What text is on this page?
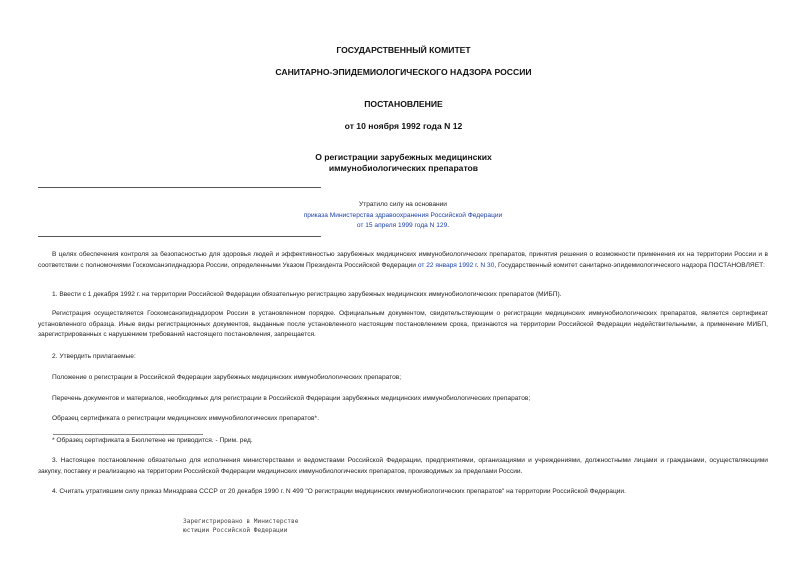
ГОСУДАРСТВЕННЫЙ КОМИТЕТ
САНИТАРНО-ЭПИДЕМИОЛОГИЧЕСКОГО НАДЗОРА РОССИИ
ПОСТАНОВЛЕНИЕ
от 10 ноября 1992 года N 12
О регистрации зарубежных медицинских
иммунобиологических препаратов
Утратило силу на основании
приказа Министерства здравоохранения Российской Федерации
от 15 апреля 1999 года N 129.
В целях обеспечения контроля за безопасностью для здоровья людей и эффективностью зарубежных медицинских иммунобиологических препаратов, принятия решения о возможности применения их на территории России и в соответствии с полномочиями Госкомсанэпиднадзора России, определенными Указом Президента Российской Федерации от 22 января 1992 г. N 30, Государственный комитет санитарно-эпидемиологического надзора ПОСТАНОВЛЯЕТ:
1. Ввести с 1 декабря 1992 г. на территории Российской Федерации обязательную регистрацию зарубежных медицинских иммунобиологических препаратов (МИБП).
Регистрация осуществляется Госкомсанэпиднадзором России в установленном порядке. Официальным документом, свидетельствующим о регистрации медицинских иммунобиологических препаратов, является сертификат установленного образца. Иные виды регистрационных документов, выданные после установленного настоящим постановлением срока, признаются на территории Российской Федерации недействительными, а применение МИБП, зарегистрированных с нарушением требований настоящего постановления, запрещается.
2. Утвердить прилагаемые:
Положение о регистрации в Российской Федерации зарубежных медицинских иммунобиологических препаратов;
Перечень документов и материалов, необходимых для регистрации в Российской Федерации зарубежных медицинских иммунобиологических препаратов;
Образец сертификата о регистрации медицинских иммунобиологических препаратов*.
* Образец сертификата в Бюллетене не приводится. - Прим. ред.
3. Настоящее постановление обязательно для исполнения министерствами и ведомствами Российской Федерации, предприятиями, организациями и учреждениями, должностными лицами и гражданами, осуществляющими закупку, поставку и реализацию на территории Российской Федерации медицинских иммунобиологических препаратов, производимых за пределами России.
4. Считать утратившим силу приказ Минздрава СССР от 20 декабря 1990 г. N 499 "О регистрации медицинских иммунобиологических препаратов" на территории Российской Федерации.
Зарегистрировано в Министерстве
юстиции Российской Федерации
